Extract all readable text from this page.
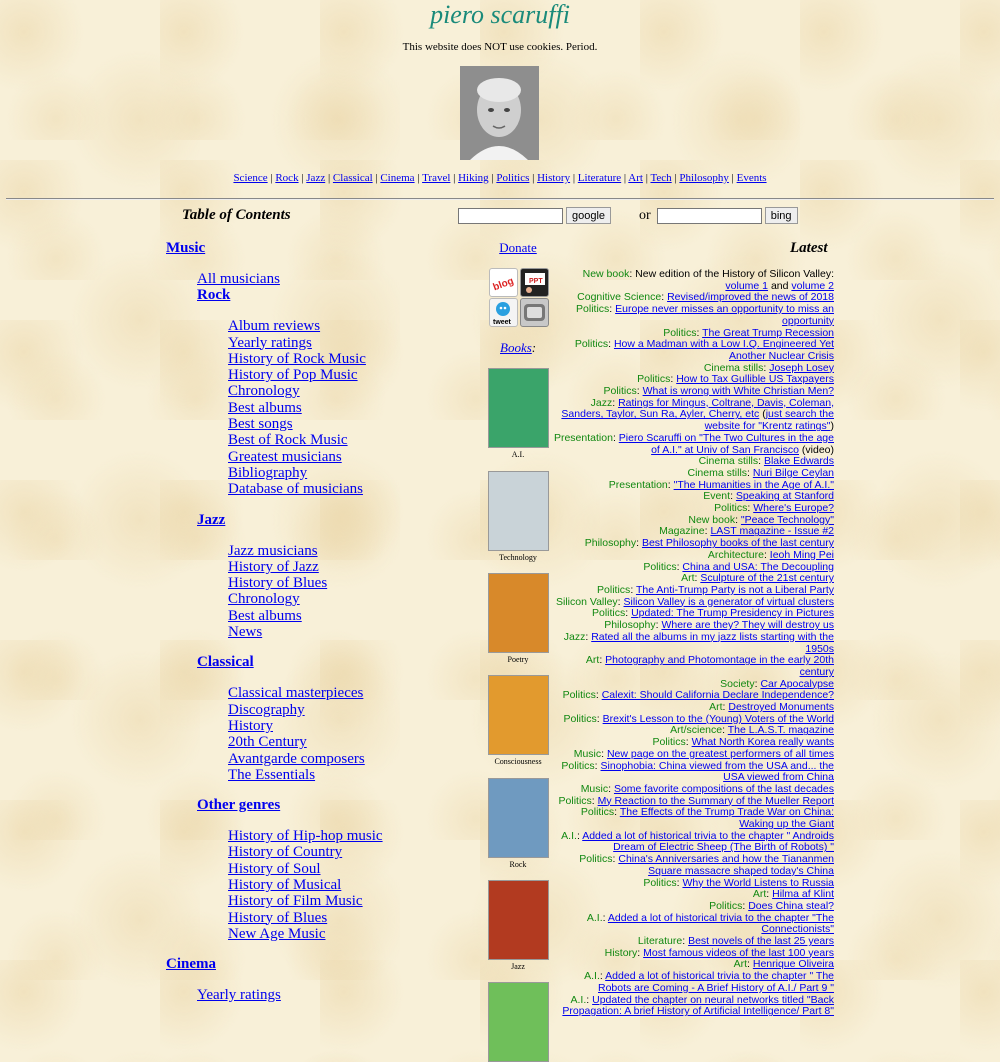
piero scaruffi
This website does NOT use cookies. Period.
Science | Rock | Jazz | Classical | Cinema | Travel | Hiking | Politics | History | Literature | Art | Tech | Philosophy | Events
Table of Contents	google	or	bing
Music
All musicians
Rock
Album reviews
Yearly ratings
History of Rock Music
History of Pop Music
Chronology
Best albums
Best songs
Best of Rock Music
Greatest musicians
Bibliography
Database of musicians
Jazz
Jazz musicians
History of Jazz
History of Blues
Chronology
Best albums
News
Classical
Classical masterpieces
Discography
History
20th Century
Avantgarde composers
The Essentials
Other genres
History of Hip-hop music
History of Country
History of Soul
History of Musical
History of Film Music
History of Blues
New Age Music
Cinema
Yearly ratings
Donate
blog PPT
tweet
Books:
A.I.
Technology
Poetry
Consciousness
Rock
Jazz
Latest
New book: New edition of the History of Silicon Valley: volume 1 and volume 2
Cognitive Science: Revised/improved the news of 2018
Politics: Europe never misses an opportunity to miss an opportunity
Politics: The Great Trump Recession
Politics: How a Madman with a Low I.Q. Engineered Yet Another Nuclear Crisis
Cinema stills: Joseph Losey
Politics: How to Tax Gullible US Taxpayers
Politics: What is wrong with White Christian Men?
Jazz: Ratings for Mingus, Coltrane, Davis, Coleman, Sanders, Taylor, Sun Ra, Ayler, Cherry, etc (just search the website for "Krentz ratings")
Presentation: Piero Scaruffi on "The Two Cultures in the age of A.I." at Univ of San Francisco (video)
Cinema stills: Blake Edwards
Cinema stills: Nuri Bilge Ceylan
Presentation: "The Humanities in the Age of A.I."
Event: Speaking at Stanford
Politics: Where's Europe?
New book: "Peace Technology"
Magazine: LAST magazine - Issue #2
Philosophy: Best Philosophy books of the last century
Architecture: Ieoh Ming Pei
Politics: China and USA: The Decoupling
Art: Sculpture of the 21st century
Politics: The Anti-Trump Party is not a Liberal Party
Silicon Valley: Silicon Valley is a generator of virtual clusters
Politics: Updated: The Trump Presidency in Pictures
Philosophy: Where are they? They will destroy us
Jazz: Rated all the albums in my jazz lists starting with the 1950s
Art: Photography and Photomontage in the early 20th century
Society: Car Apocalypse
Politics: Calexit: Should California Declare Independence?
Art: Destroyed Monuments
Politics: Brexit's Lesson to the (Young) Voters of the World
Art/science: The L.A.S.T. magazine
Politics: What North Korea really wants
Music: New page on the greatest performers of all times
Politics: Sinophobia: China viewed from the USA and... the USA viewed from China
Music: Some favorite compositions of the last decades
Politics: My Reaction to the Summary of the Mueller Report
Politics: The Effects of the Trump Trade War on China: Waking up the Giant
A.I.: Added a lot of historical trivia to the chapter " Androids Dream of Electric Sheep (The Birth of Robots) "
Politics: China's Anniversaries and how the Tiananmen Square massacre shaped today's China
Politics: Why the World Listens to Russia
Art: Hilma af Klint
Politics: Does China steal?
A.I.: Added a lot of historical trivia to the chapter "The Connectionists"
Literature: Best novels of the last 25 years
History: Most famous videos of the last 100 years
Art: Henrique Oliveira
A.I.: Added a lot of historical trivia to the chapter " The Robots are Coming - A Brief History of A.I./ Part 9 "
A.I.: Updated the chapter on neural networks titled "Back Propagation: A brief History of Artificial Intelligence/ Part 8"
